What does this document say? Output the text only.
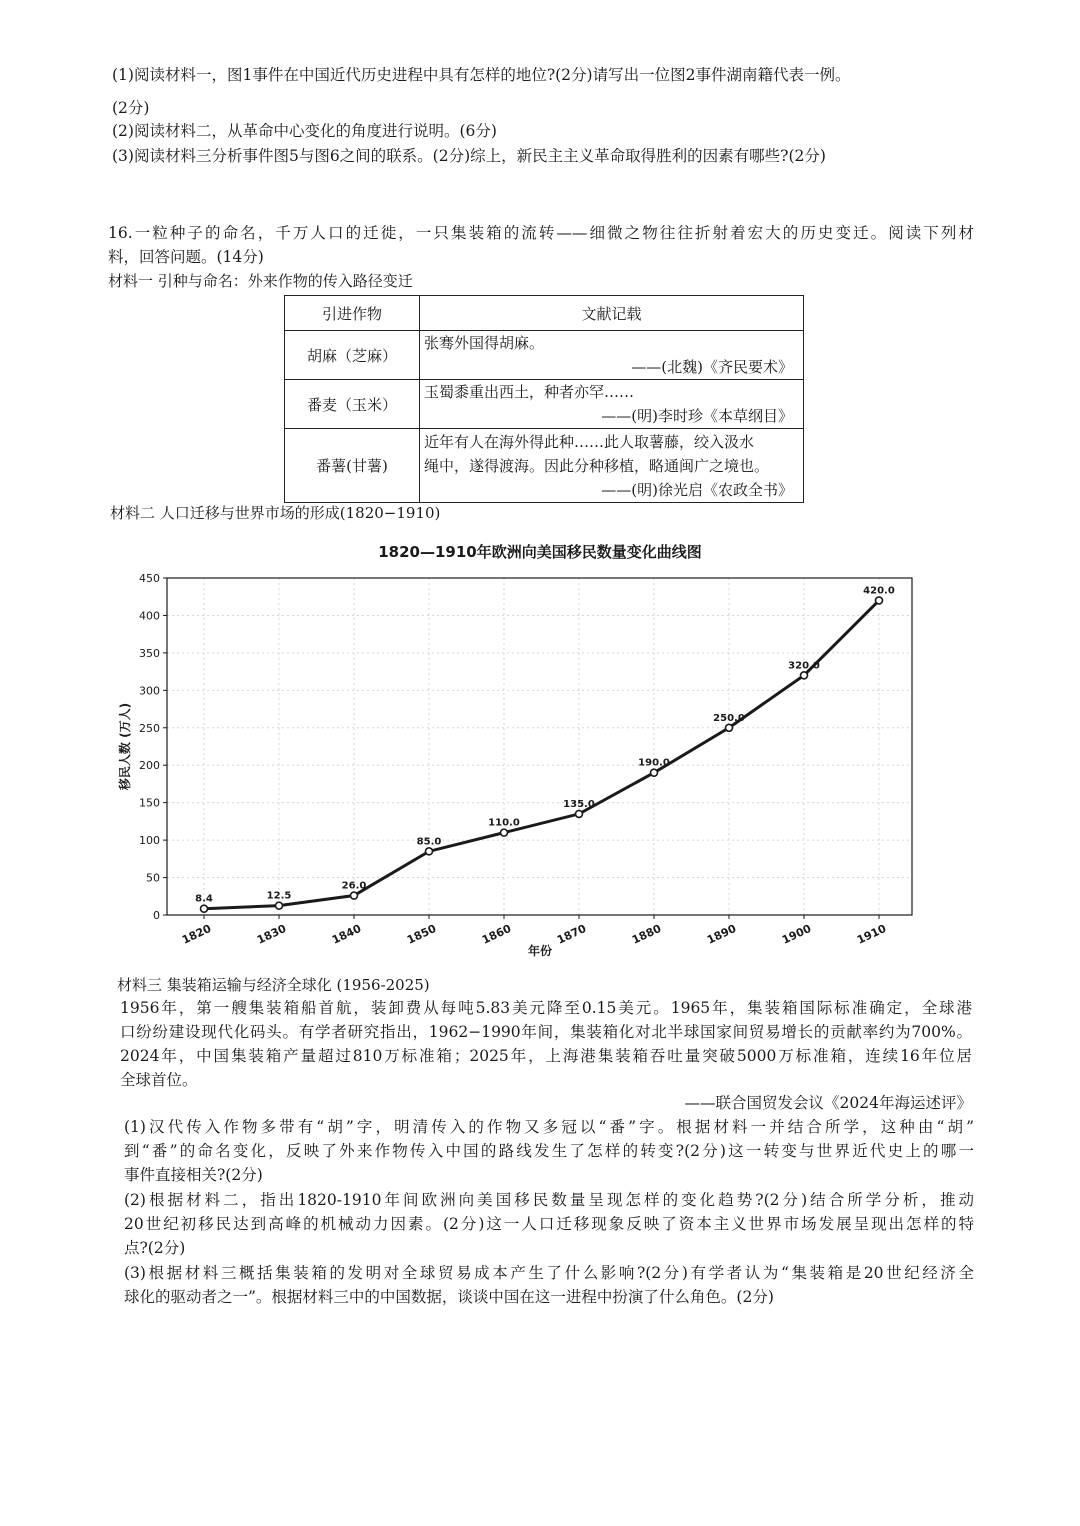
(1)阅读材料一，图1事件在中国近代历史进程中具有怎样的地位?(2分)请写出一位图2事件湖南籍代表一例。

(2分)

(2)阅读材料二，从革命中心变化的角度进行说明。(6分)

(3)阅读材料三分析事件图5与图6之间的联系。(2分)综上，新民主主义革命取得胜利的因素有哪些?(2分)

16.一粒种子的命名，千万人口的迁徙，一只集装箱的流转——细微之物往往折射着宏大的历史变迁。阅读下列材

料，回答问题。(14分)

材料一 引种与命名：外来作物的传入路径变迁

引进作物	文献记载
胡麻（芝麻）	张骞外国得胡麻。
——(北魏)《齐民要术》

番麦（玉米）	玉蜀黍重出西土，种者亦罕……
——(明)李时珍《本草纲目》

番薯(甘薯)	近年有人在海外得此种……此人取薯藤，绞入汲水
绳中，遂得渡海。因此分种移植，略通闽广之境也。
——(明)徐光启《农政全书》

材料二 人口迁移与世界市场的形成(1820−1910)

1820—1910年欧洲向美国移民数量变化曲线图
0
50
100
150
200
250
300
350
400
450
1820	1830	1840	1850	1860	1870	1880	1890	1900	1910
8.4	12.5
26.0
85.0
110.0
135.0
190.0
250.0
320.0
420.0
移民人数 (万人)
年份

材料三 集装箱运输与经济全球化 (1956-2025)

1956年，第一艘集装箱船首航，装卸费从每吨5.83美元降至0.15美元。1965年，集装箱国际标准确定，全球港

口纷纷建设现代化码头。有学者研究指出，1962−1990年间，集装箱化对北半球国家间贸易增长的贡献率约为700%。

2024年，中国集装箱产量超过810万标准箱；2025年，上海港集装箱吞吐量突破5000万标准箱，连续16年位居

全球首位。

——联合国贸发会议《2024年海运述评》

(1)汉代传入作物多带有“胡”字，明清传入的作物又多冠以“番”字。根据材料一并结合所学，这种由“胡”

到“番”的命名变化，反映了外来作物传入中国的路线发生了怎样的转变?(2分)这一转变与世界近代史上的哪一

事件直接相关?(2分)

(2)根据材料二，指出1820-1910年间欧洲向美国移民数量呈现怎样的变化趋势?(2分)结合所学分析，推动

20世纪初移民达到高峰的机械动力因素。(2分)这一人口迁移现象反映了资本主义世界市场发展呈现出怎样的特

点?(2分)

(3)根据材料三概括集装箱的发明对全球贸易成本产生了什么影响?(2分)有学者认为“集装箱是20世纪经济全

球化的驱动者之一”。根据材料三中的中国数据，谈谈中国在这一进程中扮演了什么角色。(2分)
